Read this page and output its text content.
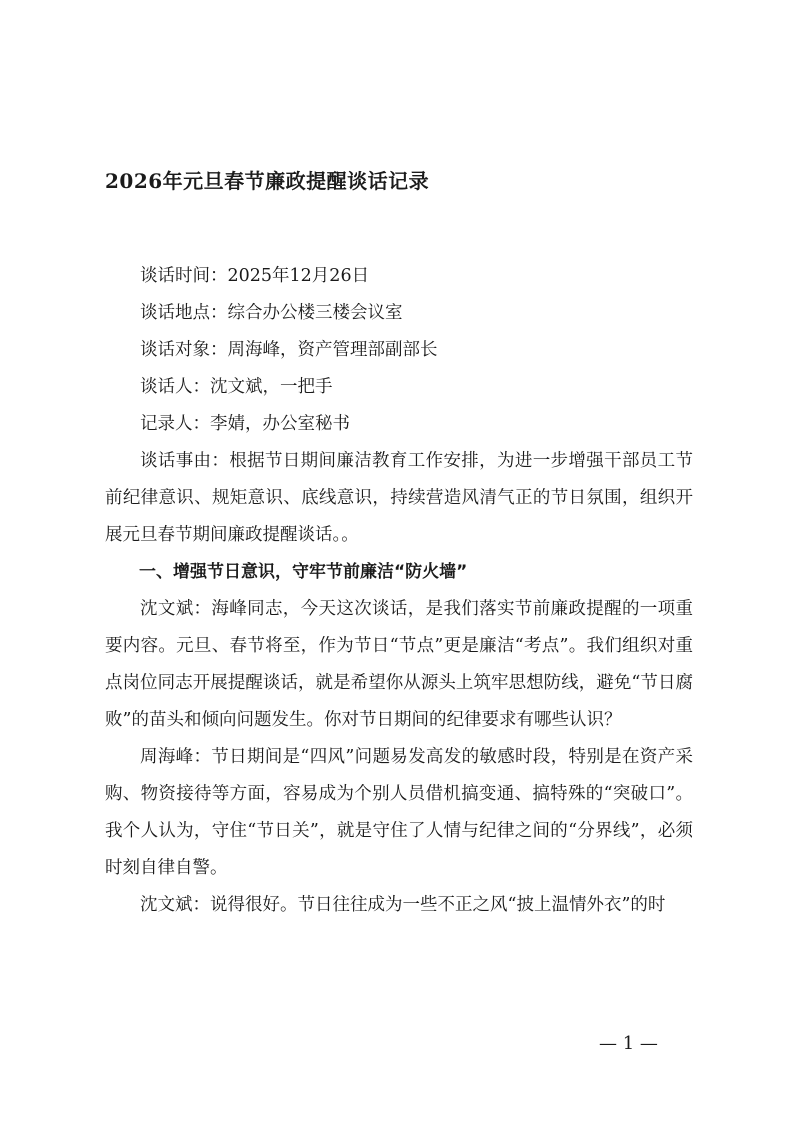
2026年元旦春节廉政提醒谈话记录
谈话时间：2025年12月26日
谈话地点：综合办公楼三楼会议室
谈话对象：周海峰，资产管理部副部长
谈话人：沈文斌，一把手
记录人：李婧，办公室秘书

谈话事由：根据节日期间廉洁教育工作安排，为进一步增强干部员工节前纪律意识、规矩意识、底线意识，持续营造风清气正的节日氛围，组织开展元旦春节期间廉政提醒谈话。。

一、增强节日意识，守牢节前廉洁“防火墙”

沈文斌：海峰同志，今天这次谈话，是我们落实节前廉政提醒的一项重要内容。元旦、春节将至，作为节日“节点”更是廉洁“考点”。我们组织对重点岗位同志开展提醒谈话，就是希望你从源头上筑牢思想防线，避免“节日腐败”的苗头和倾向问题发生。你对节日期间的纪律要求有哪些认识？

周海峰：节日期间是“四风”问题易发高发的敏感时段，特别是在资产采购、物资接待等方面，容易成为个别人员借机搞变通、搞特殊的“突破口”。我个人认为，守住“节日关”，就是守住了人情与纪律之间的“分界线”，必须时刻自律自警。

沈文斌：说得很好。节日往往成为一些不正之风“披上温情外衣”的时

— 1 —
